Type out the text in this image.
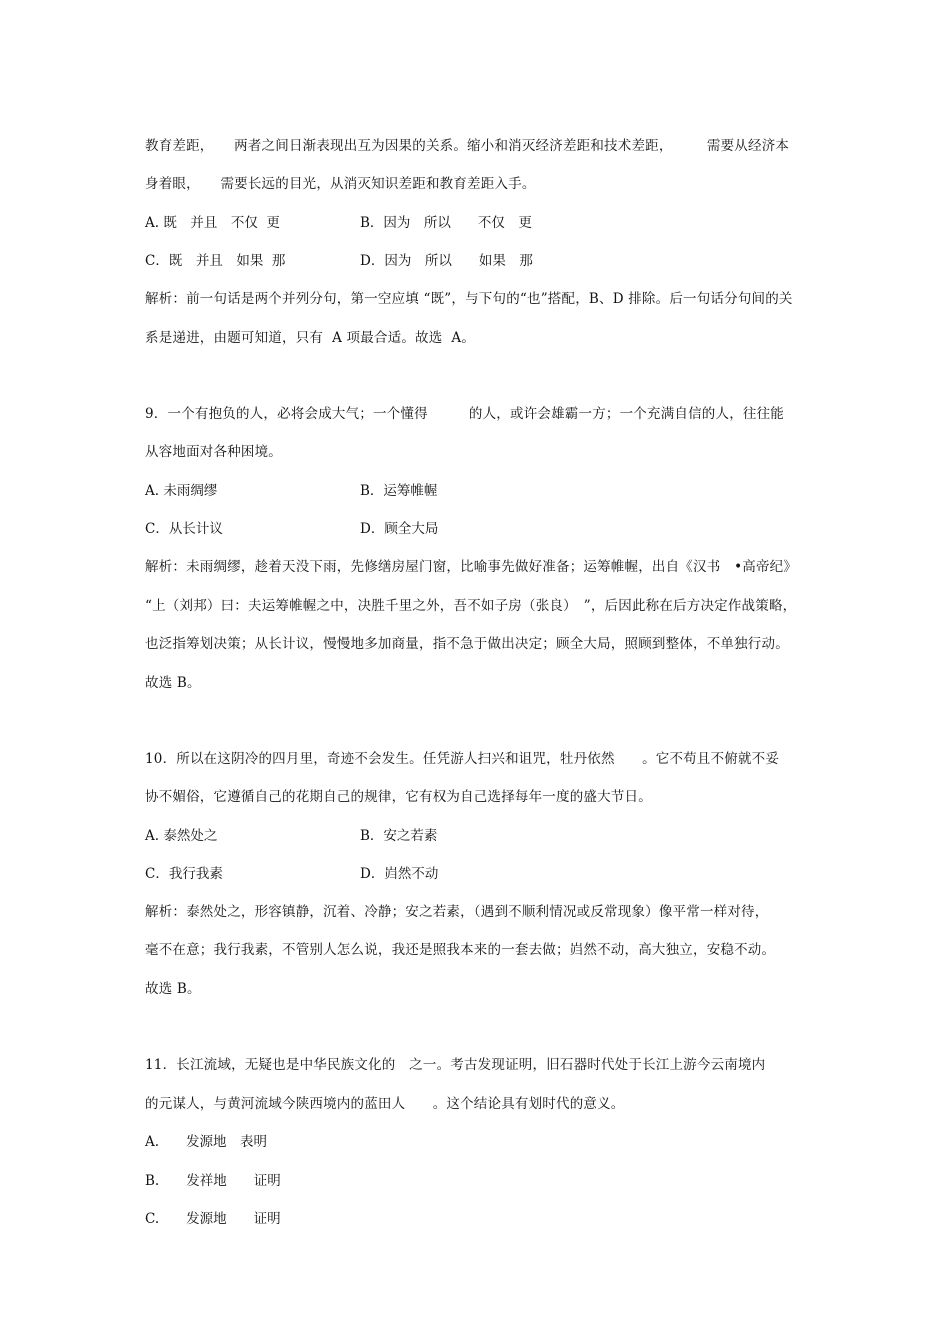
教育差距，　　两者之间日渐表现出互为因果的关系。缩小和消灭经济差距和技术差距，　　　需要从经济本
身着眼，　　需要长远的目光，从消灭知识差距和教育差距入手。
A. 既　并且　不仅  更	B．因为　所以　　不仅　更
C．既　并且　如果  那	D．因为　所以　　如果　那
解析：前一句话是两个并列分句，第一空应填 “既”，与下句的“也”搭配，B、D 排除。后一句话分句间的关
系是递进，由题可知道，只有  A 项最合适。故选  A。
9．一个有抱负的人，必将会成大气；一个懂得　　　的人，或许会雄霸一方；一个充满自信的人，往往能
从容地面对各种困境。
A. 未雨绸缪	B．运筹帷幄
C．从长计议	D．顾全大局
解析：未雨绸缪，趁着天没下雨，先修缮房屋门窗，比喻事先做好准备；运筹帷幄，出自《汉书　•高帝纪》
“上（刘邦）曰：夫运筹帷幄之中，决胜千里之外，吾不如子房（张良）　”，后因此称在后方决定作战策略，
也泛指筹划决策；从长计议，慢慢地多加商量，指不急于做出决定；顾全大局，照顾到整体，不单独行动。
故选 B。
10．所以在这阴冷的四月里，奇迹不会发生。任凭游人扫兴和诅咒，牡丹依然　　。它不苟且不俯就不妥
协不媚俗，它遵循自己的花期自己的规律，它有权为自己选择每年一度的盛大节日。
A. 泰然处之	B．安之若素
C．我行我素	D．岿然不动
解析：泰然处之，形容镇静，沉着、冷静；安之若素，（遇到不顺利情况或反常现象）像平常一样对待，
毫不在意；我行我素，不管别人怎么说，我还是照我本来的一套去做；岿然不动，高大独立，安稳不动。
故选 B。
11．长江流域，无疑也是中华民族文化的　之一。考古发现证明，旧石器时代处于长江上游今云南境内
的元谋人，与黄河流域今陕西境内的蓝田人　　。这个结论具有划时代的意义。
A.　　发源地　表明
B.　　发祥地　　证明
C.　　发源地　　证明
